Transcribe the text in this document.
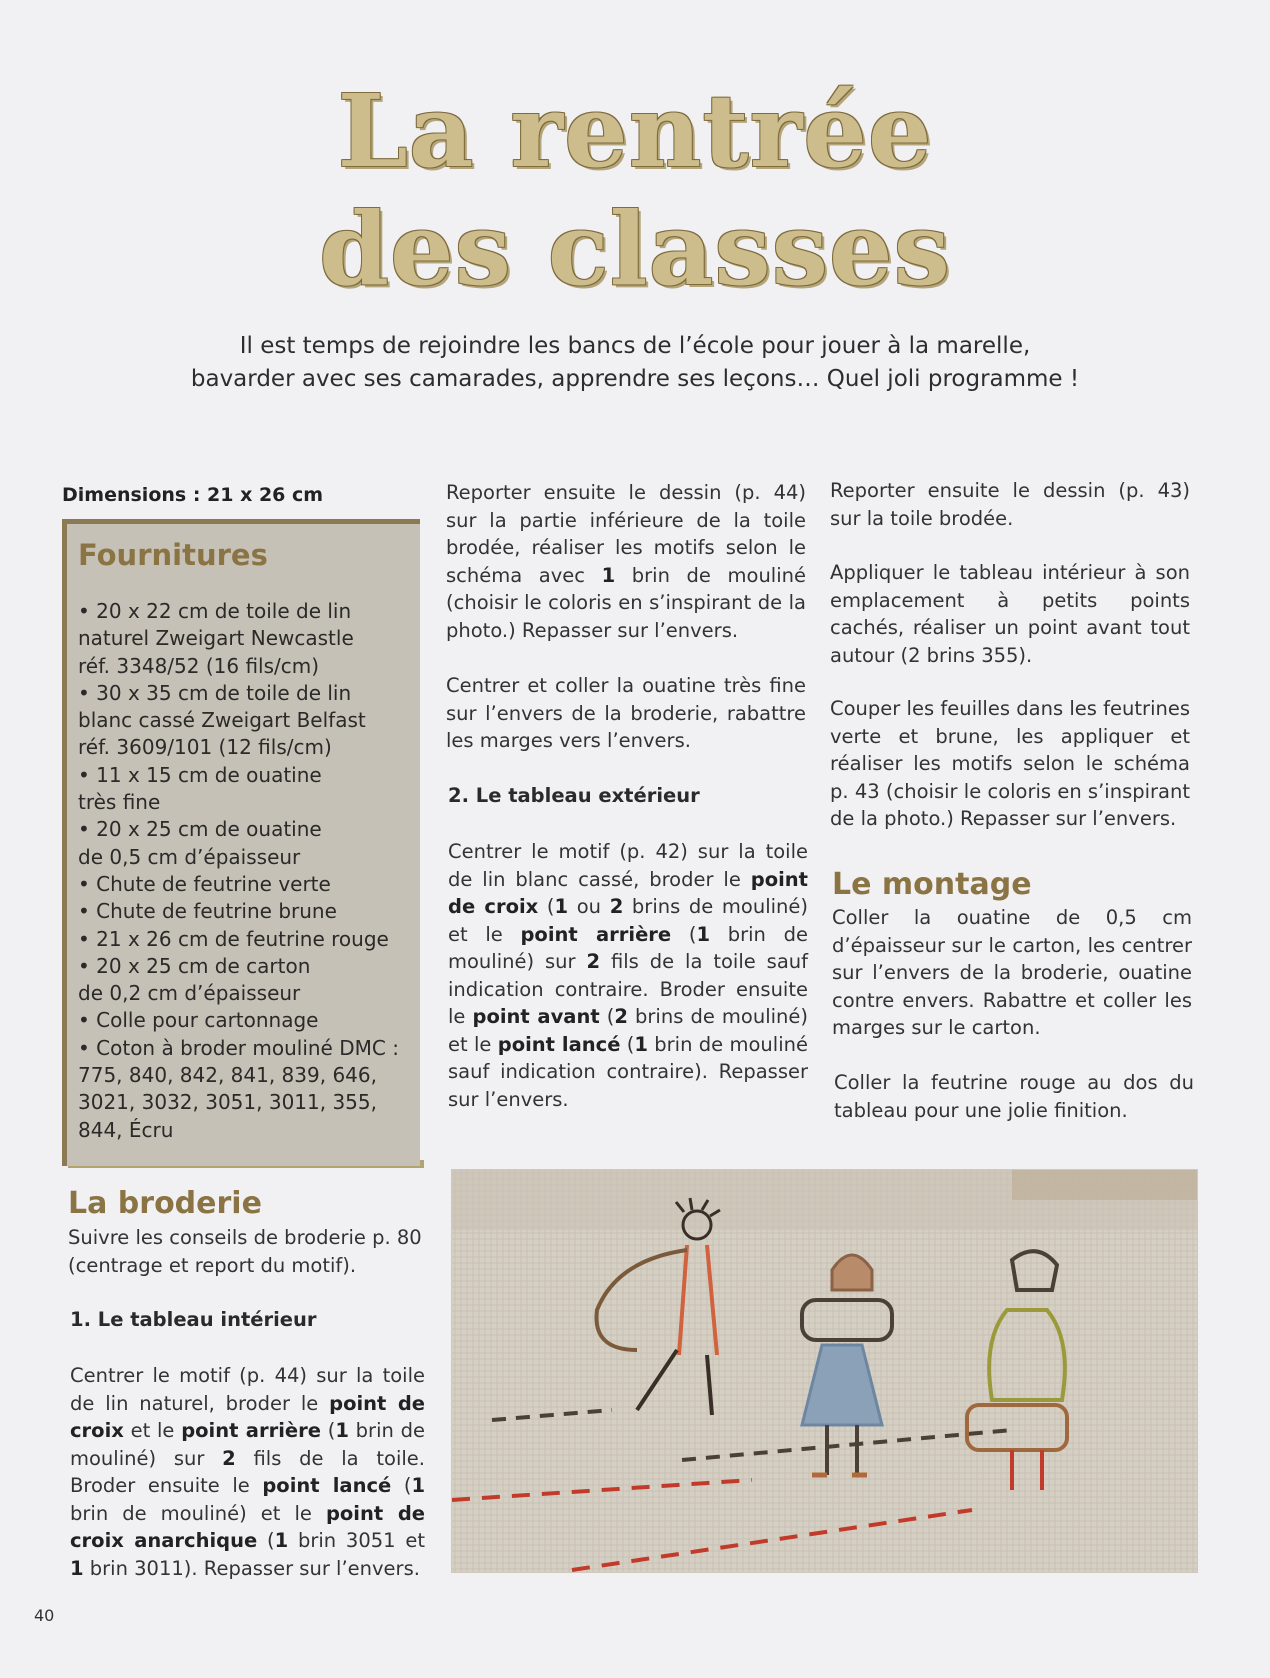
La rentrée
des classes
Il est temps de rejoindre les bancs de l’école pour jouer à la marelle,
bavarder avec ses camarades, apprendre ses leçons… Quel joli programme !
Dimensions : 21 x 26 cm
Fournitures
• 20 x 22 cm de toile de lin
naturel Zweigart Newcastle
réf. 3348/52 (16 fils/cm)
• 30 x 35 cm de toile de lin
blanc cassé Zweigart Belfast
réf. 3609/101 (12 fils/cm)
• 11 x 15 cm de ouatine
très fine
• 20 x 25 cm de ouatine
de 0,5 cm d’épaisseur
• Chute de feutrine verte
• Chute de feutrine brune
• 21 x 26 cm de feutrine rouge
• 20 x 25 cm de carton
de 0,2 cm d’épaisseur
• Colle pour cartonnage
• Coton à broder mouliné DMC :
775, 840, 842, 841, 839, 646,
3021, 3032, 3051, 3011, 355,
844, Écru
La broderie
Suivre les conseils de broderie p. 80 (centrage et report du motif).
1. Le tableau intérieur
Centrer le motif (p. 44) sur la toile de lin naturel, broder le point de croix et le point arrière (1 brin de mouliné) sur 2 fils de la toile. Broder ensuite le point lancé (1 brin de mouliné) et le point de croix anarchique (1 brin 3051 et 1 brin 3011). Repasser sur l’envers.
Reporter ensuite le dessin (p. 44) sur la partie inférieure de la toile brodée, réaliser les motifs selon le schéma avec 1 brin de mouliné (choisir le coloris en s’inspirant de la photo.) Repasser sur l’envers.
Centrer et coller la ouatine très fine sur l’envers de la broderie, rabattre les marges vers l’envers.
2. Le tableau extérieur
Centrer le motif (p. 42) sur la toile de lin blanc cassé, broder le point de croix (1 ou 2 brins de mouliné) et le point arrière (1 brin de mouliné) sur 2 fils de la toile sauf indication contraire. Broder ensuite le point avant (2 brins de mouliné) et le point lancé (1 brin de mouliné sauf indication contraire). Repasser sur l’envers.
Reporter ensuite le dessin (p. 43) sur la toile brodée.
Appliquer le tableau intérieur à son emplacement à petits points cachés, réaliser un point avant tout autour (2 brins 355).
Couper les feuilles dans les feutrines verte et brune, les appliquer et réaliser les motifs selon le schéma p. 43 (choisir le coloris en s’inspirant de la photo.) Repasser sur l’envers.
Le montage
Coller la ouatine de 0,5 cm d’épaisseur sur le carton, les centrer sur l’envers de la broderie, ouatine contre envers. Rabattre et coller les marges sur le carton.
Coller la feutrine rouge au dos du tableau pour une jolie finition.
40
